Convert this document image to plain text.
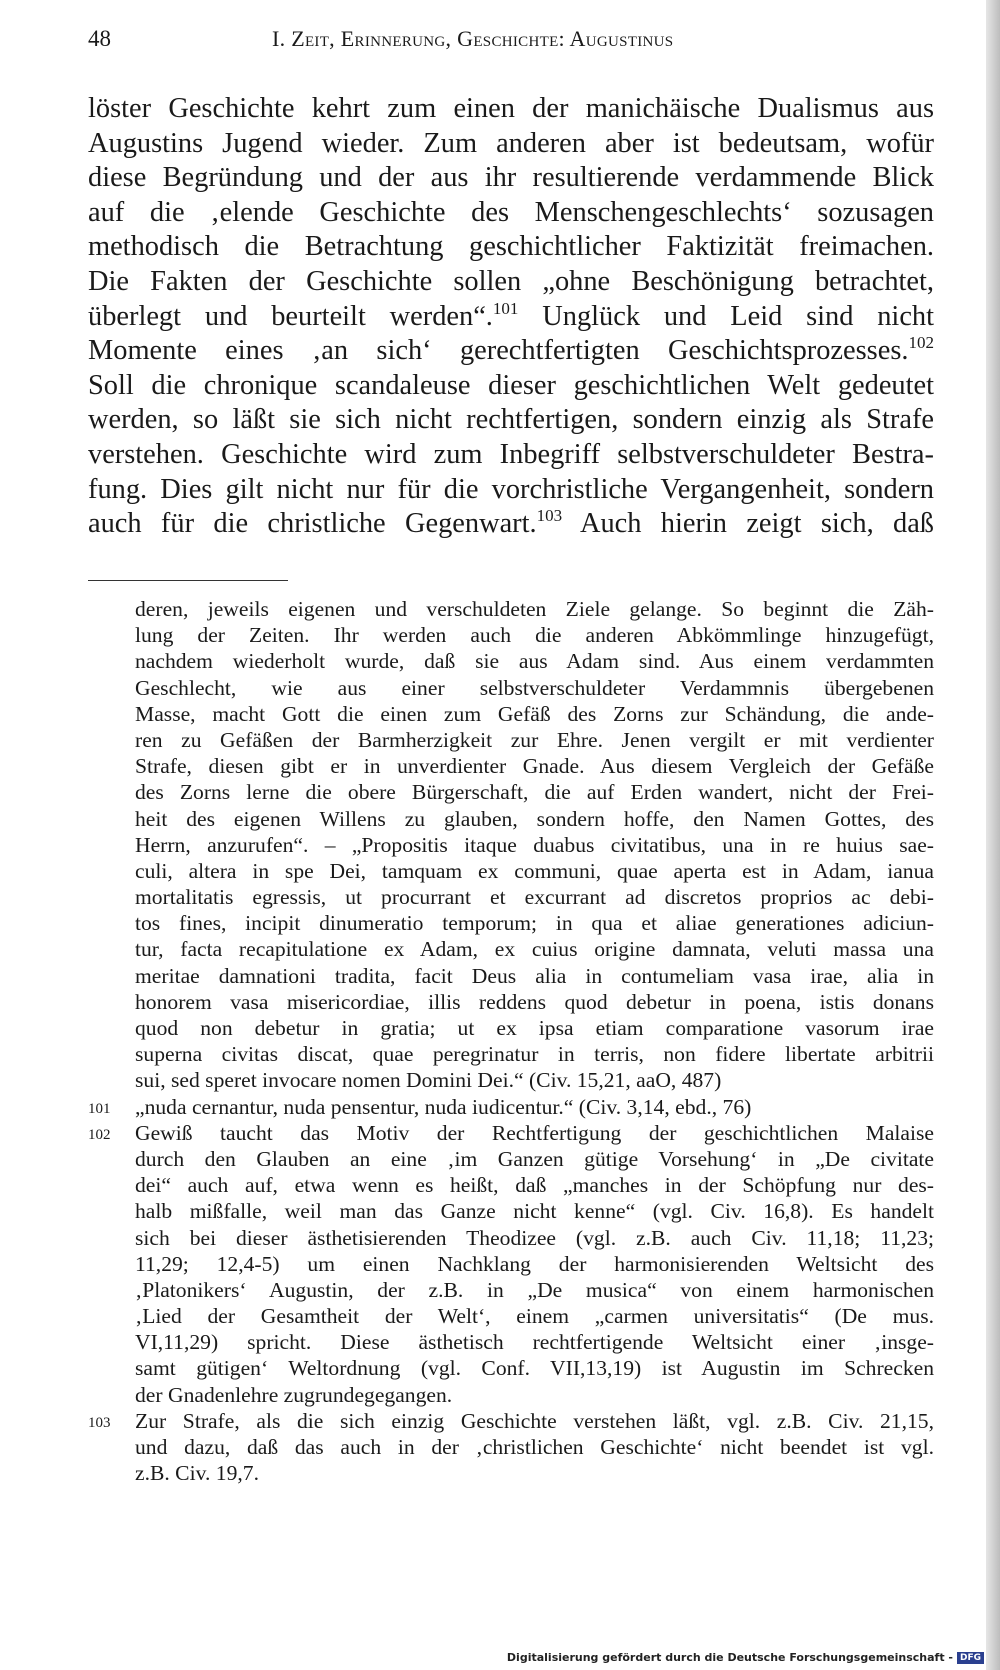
48	I. Zeit, Erinnerung, Geschichte: Augustinus
löster Geschichte kehrt zum einen der manichäische Dualismus aus
Augustins Jugend wieder. Zum anderen aber ist bedeutsam, wofür
diese Begründung und der aus ihr resultierende verdammende Blick
auf die ‚elende Geschichte des Menschengeschlechts‘ sozusagen
methodisch die Betrachtung geschichtlicher Faktizität freimachen.
Die Fakten der Geschichte sollen „ohne Beschönigung betrachtet,
überlegt und beurteilt werden“.$^{101}$ Unglück und Leid sind nicht
Momente eines ‚an sich‘ gerechtfertigten Geschichtsprozesses.$^{102}$
Soll die chronique scandaleuse dieser geschichtlichen Welt gedeutet
werden, so läßt sie sich nicht rechtfertigen, sondern einzig als Strafe
verstehen. Geschichte wird zum Inbegriff selbstverschuldeter Bestra-
fung. Dies gilt nicht nur für die vorchristliche Vergangenheit, sondern
auch für die christliche Gegenwart.$^{103}$ Auch hierin zeigt sich, daß
deren, jeweils eigenen und verschuldeten Ziele gelange. So beginnt die Zäh-
lung der Zeiten. Ihr werden auch die anderen Abkömmlinge hinzugefügt,
nachdem wiederholt wurde, daß sie aus Adam sind. Aus einem verdammten
Geschlecht, wie aus einer selbstverschuldeter Verdammnis übergebenen
Masse, macht Gott die einen zum Gefäß des Zorns zur Schändung, die ande-
ren zu Gefäßen der Barmherzigkeit zur Ehre. Jenen vergilt er mit verdienter
Strafe, diesen gibt er in unverdienter Gnade. Aus diesem Vergleich der Gefäße
des Zorns lerne die obere Bürgerschaft, die auf Erden wandert, nicht der Frei-
heit des eigenen Willens zu glauben, sondern hoffe, den Namen Gottes, des
Herrn, anzurufen“. – „Propositis itaque duabus civitatibus, una in re huius sae-
culi, altera in spe Dei, tamquam ex communi, quae aperta est in Adam, ianua
mortalitatis egressis, ut procurrant et excurrant ad discretos proprios ac debi-
tos fines, incipit dinumeratio temporum; in qua et aliae generationes adiciun-
tur, facta recapitulatione ex Adam, ex cuius origine damnata, veluti massa una
meritae damnationi tradita, facit Deus alia in contumeliam vasa irae, alia in
honorem vasa misericordiae, illis reddens quod debetur in poena, istis donans
quod non debetur in gratia; ut ex ipsa etiam comparatione vasorum irae
superna civitas discat, quae peregrinatur in terris, non fidere libertate arbitrii
sui, sed speret invocare nomen Domini Dei.“ (Civ. 15,21, aaO, 487)
101 „nuda cernantur, nuda pensentur, nuda iudicentur.“ (Civ. 3,14, ebd., 76)
102 Gewiß taucht das Motiv der Rechtfertigung der geschichtlichen Malaise
durch den Glauben an eine ‚im Ganzen gütige Vorsehung‘ in „De civitate
dei“ auch auf, etwa wenn es heißt, daß „manches in der Schöpfung nur des-
halb mißfalle, weil man das Ganze nicht kenne“ (vgl. Civ. 16,8). Es handelt
sich bei dieser ästhetisierenden Theodizee (vgl. z.B. auch Civ. 11,18; 11,23;
11,29; 12,4-5) um einen Nachklang der harmonisierenden Weltsicht des
‚Platonikers‘ Augustin, der z.B. in „De musica“ von einem harmonischen
‚Lied der Gesamtheit der Welt‘, einem „carmen universitatis“ (De mus.
VI,11,29) spricht. Diese ästhetisch rechtfertigende Weltsicht einer ‚insge-
samt gütigen‘ Weltordnung (vgl. Conf. VII,13,19) ist Augustin im Schrecken
der Gnadenlehre zugrundegegangen.
103 Zur Strafe, als die sich einzig Geschichte verstehen läßt, vgl. z.B. Civ. 21,15,
und dazu, daß das auch in der ‚christlichen Geschichte‘ nicht beendet ist vgl.
z.B. Civ. 19,7.
Digitalisierung gefördert durch die Deutsche Forschungsgemeinschaft - DFG
